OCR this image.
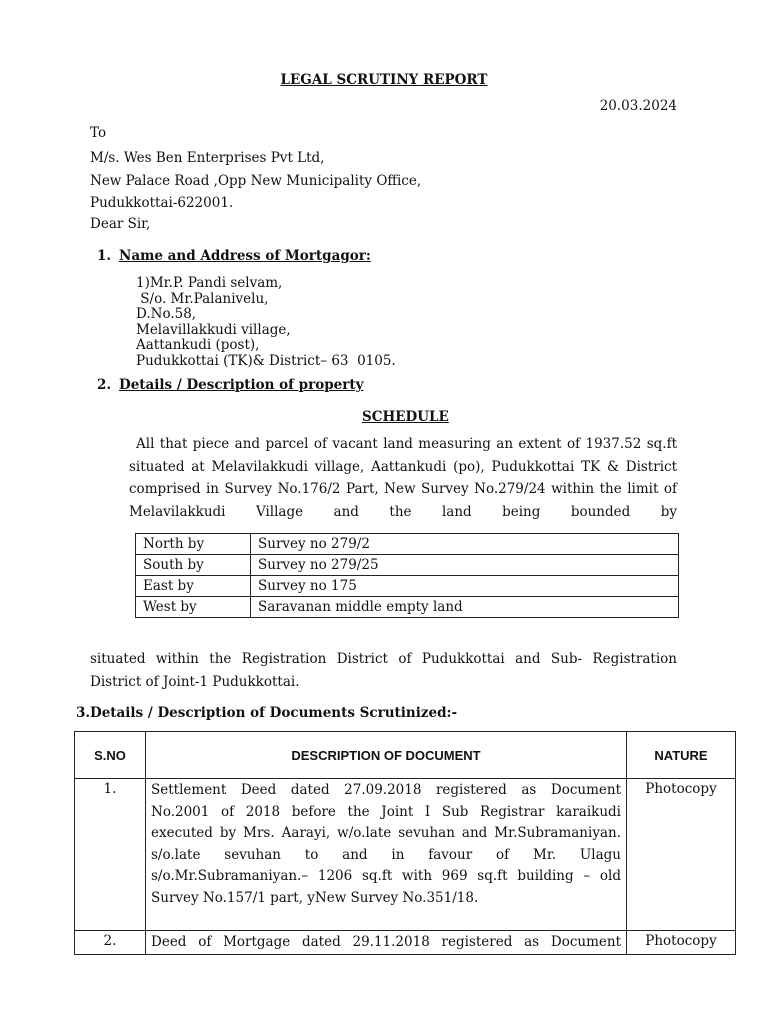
LEGAL SCRUTINY REPORT
20.03.2024
To
M/s. Wes Ben Enterprises Pvt Ltd,
New Palace Road ,Opp New Municipality Office,
Pudukkottai-622001.
Dear Sir,
1. Name and Address of Mortgagor:
1)Mr.P. Pandi selvam,
S/o. Mr.Palanivelu,
D.No.58,
Melavillakkudi village,
Aattankudi (post),
Pudukkottai (TK)& District– 63  0105.
2. Details / Description of property
SCHEDULE
All that piece and parcel of vacant land measuring an extent of 1937.52 sq.ft situated at Melavilakkudi village, Aattankudi (po), Pudukkottai TK & District comprised in Survey No.176/2 Part, New Survey No.279/24 within the limit of Melavilakkudi Village and the land being bounded by
North by	Survey no 279/2
South by	Survey no 279/25
East by	Survey no 175
West by	Saravanan middle empty land
situated within the Registration District of Pudukkottai and Sub- Registration District of Joint-1 Pudukkottai.
3.Details / Description of Documents Scrutinized:-
S.NO	DESCRIPTION OF DOCUMENT	NATURE
1.	Settlement Deed dated 27.09.2018 registered as Document No.2001 of 2018 before the Joint I Sub Registrar karaikudi executed by Mrs. Aarayi, w/o.late sevuhan and Mr.Subramaniyan. s/o.late sevuhan to and in favour of Mr. Ulagu s/o.Mr.Subramaniyan.– 1206 sq.ft with 969 sq.ft building – old Survey No.157/1 part, yNew Survey No.351/18.	Photocopy
2.	Deed of Mortgage dated 29.11.2018 registered as Document	Photocopy
